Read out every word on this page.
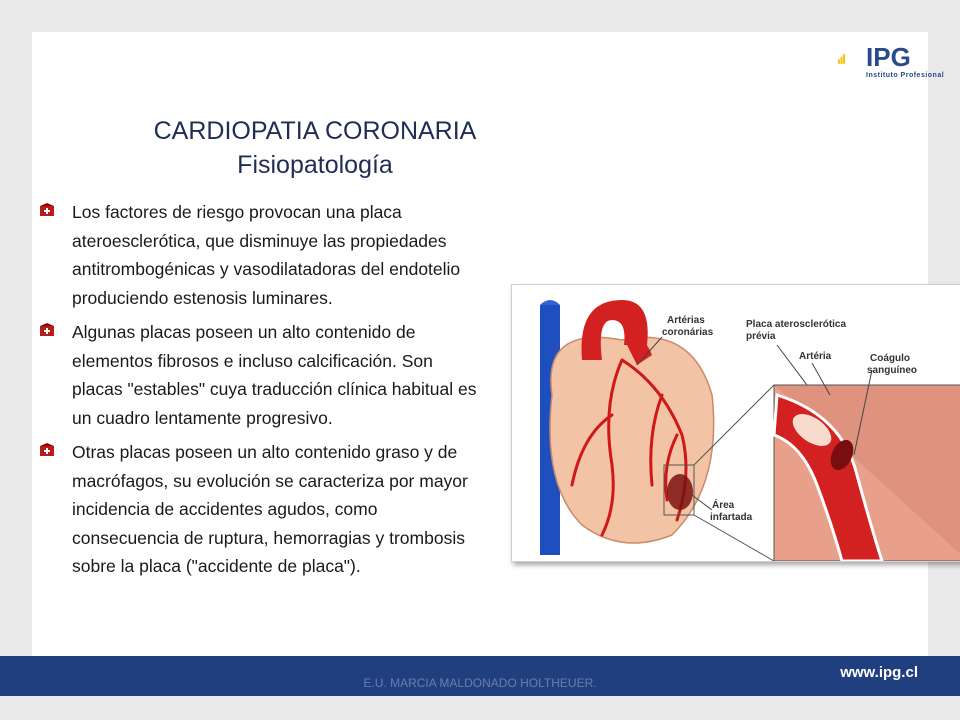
IPG
Instituto Profesional
CARDIOPATIA CORONARIA
Fisiopatología
Los factores de riesgo provocan una placa ateroesclerótica, que disminuye las propiedades antitrombogénicas y vasodilatadoras del endotelio produciendo estenosis luminares.
Algunas placas poseen un alto contenido de elementos fibrosos e incluso calcificación. Son placas "estables" cuya traducción clínica habitual es un cuadro lentamente progresivo.
Otras placas poseen un alto contenido graso y de macrófagos, su evolución se caracteriza por mayor incidencia de accidentes agudos, como consecuencia de ruptura, hemorragias y trombosis sobre la placa ("accidente de placa").
Artérias
coronárias
Placa aterosclerótica
prévia
Artéria	Coágulo
sanguíneo
Área
infartada
www.ipg.cl
E.U. MARCIA MALDONADO HOLTHEUER.
